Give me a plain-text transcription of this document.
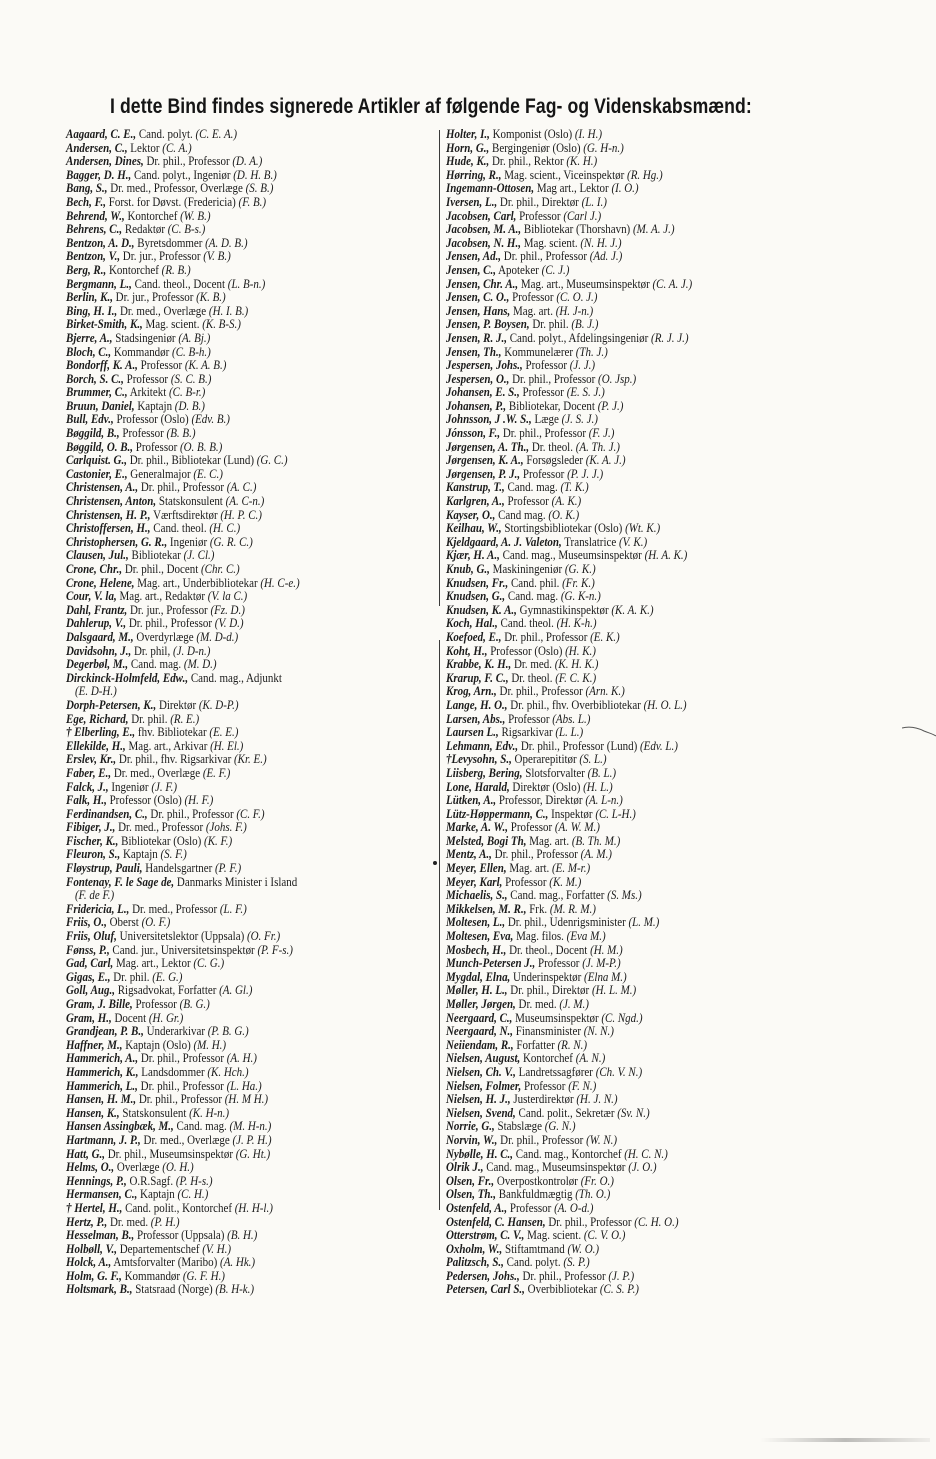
I dette Bind findes signerede Artikler af følgende Fag- og Videnskabsmænd:
Aagaard, C. E., Cand. polyt. (C. E. A.)
Andersen, C., Lektor (C. A.)
Andersen, Dines, Dr. phil., Professor (D. A.)
Bagger, D. H., Cand. polyt., Ingeniør (D. H. B.)
Bang, S., Dr. med., Professor, Overlæge (S. B.)
Bech, F., Forst. for Døvst. (Fredericia) (F. B.)
Behrend, W., Kontorchef (W. B.)
Behrens, C., Redaktør (C. B-s.)
Bentzon, A. D., Byretsdommer (A. D. B.)
Bentzon, V., Dr. jur., Professor (V. B.)
Berg, R., Kontorchef (R. B.)
Bergmann, L., Cand. theol., Docent (L. B-n.)
Berlin, K., Dr. jur., Professor (K. B.)
Bing, H. I., Dr. med., Overlæge (H. I. B.)
Birket-Smith, K., Mag. scient. (K. B-S.)
Bjerre, A., Stadsingeniør (A. Bj.)
Bloch, C., Kommandør (C. B-h.)
Bondorff, K. A., Professor (K. A. B.)
Borch, S. C., Professor (S. C. B.)
Brummer, C., Arkitekt (C. B-r.)
Bruun, Daniel, Kaptajn (D. B.)
Bull, Edv., Professor (Oslo) (Edv. B.)
Bøggild, B., Professor (B. B.)
Bøggild, O. B., Professor (O. B. B.)
Carlquist. G., Dr. phil., Bibliotekar (Lund) (G. C.)
Castonier, E., Generalmajor (E. C.)
Christensen, A., Dr. phil., Professor (A. C.)
Christensen, Anton, Statskonsulent (A. C-n.)
Christensen, H. P., Værftsdirektør (H. P. C.)
Christoffersen, H., Cand. theol. (H. C.)
Christophersen, G. R., Ingeniør (G. R. C.)
Clausen, Jul., Bibliotekar (J. Cl.)
Crone, Chr., Dr. phil., Docent (Chr. C.)
Crone, Helene, Mag. art., Underbibliotekar (H. C-e.)
Cour, V. la, Mag. art., Redaktør (V. la C.)
Dahl, Frantz, Dr. jur., Professor (Fz. D.)
Dahlerup, V., Dr. phil., Professor (V. D.)
Dalsgaard, M., Overdyrlæge (M. D-d.)
Davidsohn, J., Dr. phil, (J. D-n.)
Degerbøl, M., Cand. mag. (M. D.)
Dirckinck-Holmfeld, Edw., Cand. mag., Adjunkt
(E. D-H.)
Dorph-Petersen, K., Direktør (K. D-P.)
Ege, Richard, Dr. phil. (R. E.)
† Elberling, E., fhv. Bibliotekar (E. E.)
Ellekilde, H., Mag. art., Arkivar (H. El.)
Erslev, Kr., Dr. phil., fhv. Rigsarkivar (Kr. E.)
Faber, E., Dr. med., Overlæge (E. F.)
Falck, J., Ingeniør (J. F.)
Falk, H., Professor (Oslo) (H. F.)
Ferdinandsen, C., Dr. phil., Professor (C. F.)
Fibiger, J., Dr. med., Professor (Johs. F.)
Fischer, K., Bibliotekar (Oslo) (K. F.)
Fleuron, S., Kaptajn (S. F.)
Fløystrup, Pauli, Handelsgartner (P. F.)
Fontenay, F. le Sage de, Danmarks Minister i Island
(F. de F.)
Fridericia, L., Dr. med., Professor (L. F.)
Friis, O., Oberst (O. F.)
Friis, Oluf, Universitetslektor (Uppsala) (O. Fr.)
Fønss, P., Cand. jur., Universitetsinspektør (P. F-s.)
Gad, Carl, Mag. art., Lektor (C. G.)
Gigas, E., Dr. phil. (E. G.)
Goll, Aug., Rigsadvokat, Forfatter (A. Gl.)
Gram, J. Bille, Professor (B. G.)
Gram, H., Docent (H. Gr.)
Grandjean, P. B., Underarkivar (P. B. G.)
Haffner, M., Kaptajn (Oslo) (M. H.)
Hammerich, A., Dr. phil., Professor (A. H.)
Hammerich, K., Landsdommer (K. Hch.)
Hammerich, L., Dr. phil., Professor (L. Ha.)
Hansen, H. M., Dr. phil., Professor (H. M H.)
Hansen, K., Statskonsulent (K. H-n.)
Hansen Assingbæk, M., Cand. mag. (M. H-n.)
Hartmann, J. P., Dr. med., Overlæge (J. P. H.)
Hatt, G., Dr. phil., Museumsinspektør (G. Ht.)
Helms, O., Overlæge (O. H.)
Hennings, P., O.R.Sagf. (P. H-s.)
Hermansen, C., Kaptajn (C. H.)
† Hertel, H., Cand. polit., Kontorchef (H. H-l.)
Hertz, P., Dr. med. (P. H.)
Hesselman, B., Professor (Uppsala) (B. H.)
Holbøll, V., Departementschef (V. H.)
Holck, A., Amtsforvalter (Maribo) (A. Hk.)
Holm, G. F., Kommandør (G. F. H.)
Holtsmark, B., Statsraad (Norge) (B. H-k.)
Holter, I., Komponist (Oslo) (I. H.)
Horn, G., Bergingeniør (Oslo) (G. H-n.)
Hude, K., Dr. phil., Rektor (K. H.)
Hørring, R., Mag. scient., Viceinspektør (R. Hg.)
Ingemann-Ottosen, Mag art., Lektor (I. O.)
Iversen, L., Dr. phil., Direktør (L. I.)
Jacobsen, Carl, Professor (Carl J.)
Jacobsen, M. A., Bibliotekar (Thorshavn) (M. A. J.)
Jacobsen, N. H., Mag. scient. (N. H. J.)
Jensen, Ad., Dr. phil., Professor (Ad. J.)
Jensen, C., Apoteker (C. J.)
Jensen, Chr. A., Mag. art., Museumsinspektør (C. A. J.)
Jensen, C. O., Professor (C. O. J.)
Jensen, Hans, Mag. art. (H. J-n.)
Jensen, P. Boysen, Dr. phil. (B. J.)
Jensen, R. J., Cand. polyt., Afdelingsingeniør (R. J. J.)
Jensen, Th., Kommunelærer (Th. J.)
Jespersen, Johs., Professor (J. J.)
Jespersen, O., Dr. phil., Professor (O. Jsp.)
Johansen, E. S., Professor (E. S. J.)
Johansen, P., Bibliotekar, Docent (P. J.)
Johnsson, J .W. S., Læge (J. S. J.)
Jónsson, F., Dr. phil., Professor (F. J.)
Jørgensen, A. Th., Dr. theol. (A. Th. J.)
Jørgensen, K. A., Forsøgsleder (K. A. J.)
Jørgensen, P. J., Professor (P. J. J.)
Kanstrup, T., Cand. mag. (T. K.)
Karlgren, A., Professor (A. K.)
Kayser, O., Cand mag. (O. K.)
Keilhau, W., Stortingsbibliotekar (Oslo) (Wt. K.)
Kjeldgaard, A. J. Valeton, Translatrice (V. K.)
Kjær, H. A., Cand. mag., Museumsinspektør (H. A. K.)
Knub, G., Maskiningeniør (G. K.)
Knudsen, Fr., Cand. phil. (Fr. K.)
Knudsen, G., Cand. mag. (G. K-n.)
Knudsen, K. A., Gymnastikinspektør (K. A. K.)
Koch, Hal., Cand. theol. (H. K-h.)
Koefoed, E., Dr. phil., Professor (E. K.)
Koht, H., Professor (Oslo) (H. K.)
Krabbe, K. H., Dr. med. (K. H. K.)
Krarup, F. C., Dr. theol. (F. C. K.)
Krog, Arn., Dr. phil., Professor (Arn. K.)
Lange, H. O., Dr. phil., fhv. Overbibliotekar (H. O. L.)
Larsen, Abs., Professor (Abs. L.)
Laursen L., Rigsarkivar (L. L.)
Lehmann, Edv., Dr. phil., Professor (Lund) (Edv. L.)
†Levysohn, S., Operarepititør (S. L.)
Liisberg, Bering, Slotsforvalter (B. L.)
Lone, Harald, Direktør (Oslo) (H. L.)
Lütken, A., Professor, Direktør (A. L-n.)
Lütz-Høppermann, C., Inspektør (C. L-H.)
Marke, A. W., Professor (A. W. M.)
Melsted, Bogi Th, Mag. art. (B. Th. M.)
Mentz, A., Dr. phil., Professor (A. M.)
Meyer, Ellen, Mag. art. (E. M-r.)
Meyer, Karl, Professor (K. M.)
Michaelis, S., Cand. mag., Forfatter (S. Ms.)
Mikkelsen, M. R., Frk. (M. R. M.)
Moltesen, L., Dr. phil., Udenrigsminister (L. M.)
Moltesen, Eva, Mag. filos. (Eva M.)
Mosbech, H., Dr. theol., Docent (H. M.)
Munch-Petersen J., Professor (J. M-P.)
Mygdal, Elna, Underinspektør (Elna M.)
Møller, H. L., Dr. phil., Direktør (H. L. M.)
Møller, Jørgen, Dr. med. (J. M.)
Neergaard, C., Museumsinspektør (C. Ngd.)
Neergaard, N., Finansminister (N. N.)
Neiiendam, R., Forfatter (R. N.)
Nielsen, August, Kontorchef (A. N.)
Nielsen, Ch. V., Landretssagfører (Ch. V. N.)
Nielsen, Folmer, Professor (F. N.)
Nielsen, H. J., Justerdirektør (H. J. N.)
Nielsen, Svend, Cand. polit., Sekretær (Sv. N.)
Norrie, G., Stabslæge (G. N.)
Norvin, W., Dr. phil., Professor (W. N.)
Nybølle, H. C., Cand. mag., Kontorchef (H. C. N.)
Olrik J., Cand. mag., Museumsinspektør (J. O.)
Olsen, Fr., Overpostkontrolør (Fr. O.)
Olsen, Th., Bankfuldmægtig (Th. O.)
Ostenfeld, A., Professor (A. O-d.)
Ostenfeld, C. Hansen, Dr. phil., Professor (C. H. O.)
Otterstrøm, C. V., Mag. scient. (C. V. O.)
Oxholm, W., Stiftamtmand (W. O.)
Palitzsch, S., Cand. polyt. (S. P.)
Pedersen, Johs., Dr. phil., Professor (J. P.)
Petersen, Carl S., Overbibliotekar (C. S. P.)
